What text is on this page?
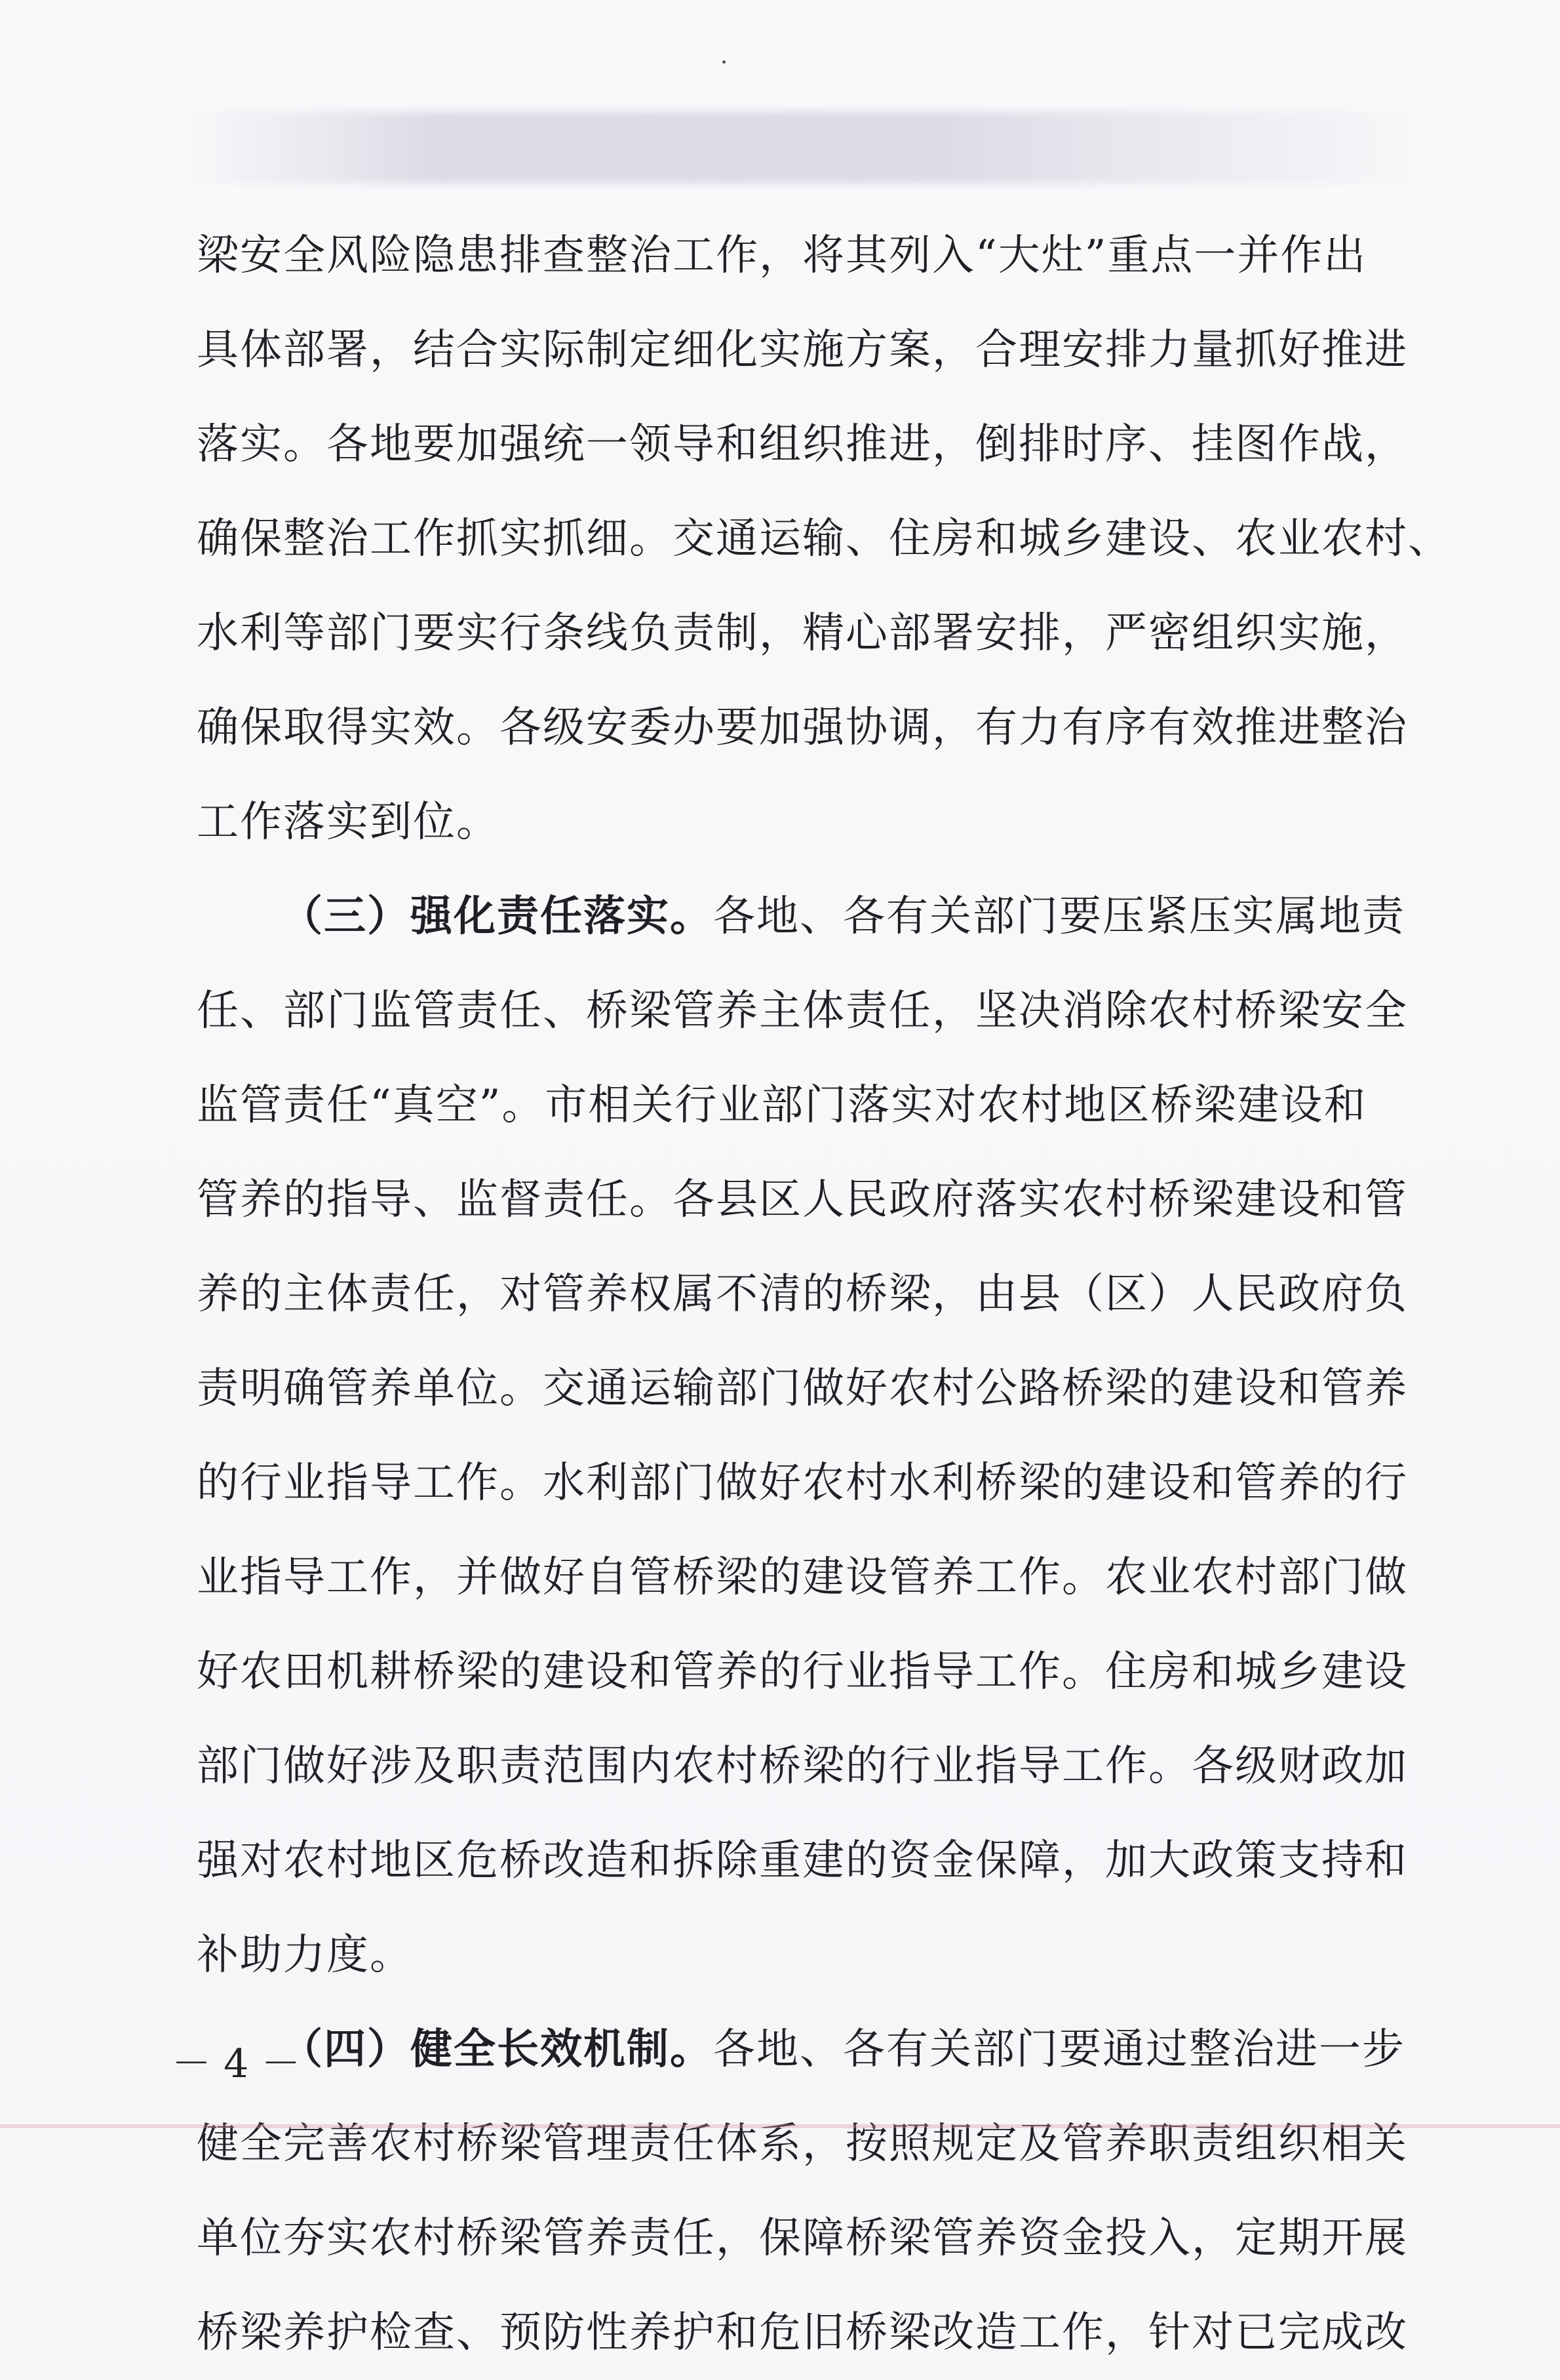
梁安全风险隐患排查整治工作，将其列入“大灶”重点一并作出
具体部署，结合实际制定细化实施方案，合理安排力量抓好推进
落实。各地要加强统一领导和组织推进，倒排时序、挂图作战，
确保整治工作抓实抓细。交通运输、住房和城乡建设、农业农村、
水利等部门要实行条线负责制，精心部署安排，严密组织实施，
确保取得实效。各级安委办要加强协调，有力有序有效推进整治
工作落实到位。
（三）强化责任落实。各地、各有关部门要压紧压实属地责
任、部门监管责任、桥梁管养主体责任，坚决消除农村桥梁安全
监管责任“真空”。市相关行业部门落实对农村地区桥梁建设和
管养的指导、监督责任。各县区人民政府落实农村桥梁建设和管
养的主体责任，对管养权属不清的桥梁，由县（区）人民政府负
责明确管养单位。交通运输部门做好农村公路桥梁的建设和管养
的行业指导工作。水利部门做好农村水利桥梁的建设和管养的行
业指导工作，并做好自管桥梁的建设管养工作。农业农村部门做
好农田机耕桥梁的建设和管养的行业指导工作。住房和城乡建设
部门做好涉及职责范围内农村桥梁的行业指导工作。各级财政加
强对农村地区危桥改造和拆除重建的资金保障，加大政策支持和
补助力度。
（四）健全长效机制。各地、各有关部门要通过整治进一步
健全完善农村桥梁管理责任体系，按照规定及管养职责组织相关
单位夯实农村桥梁管养责任，保障桥梁管养资金投入，定期开展
桥梁养护检查、预防性养护和危旧桥梁改造工作，针对已完成改
－ 4 －
